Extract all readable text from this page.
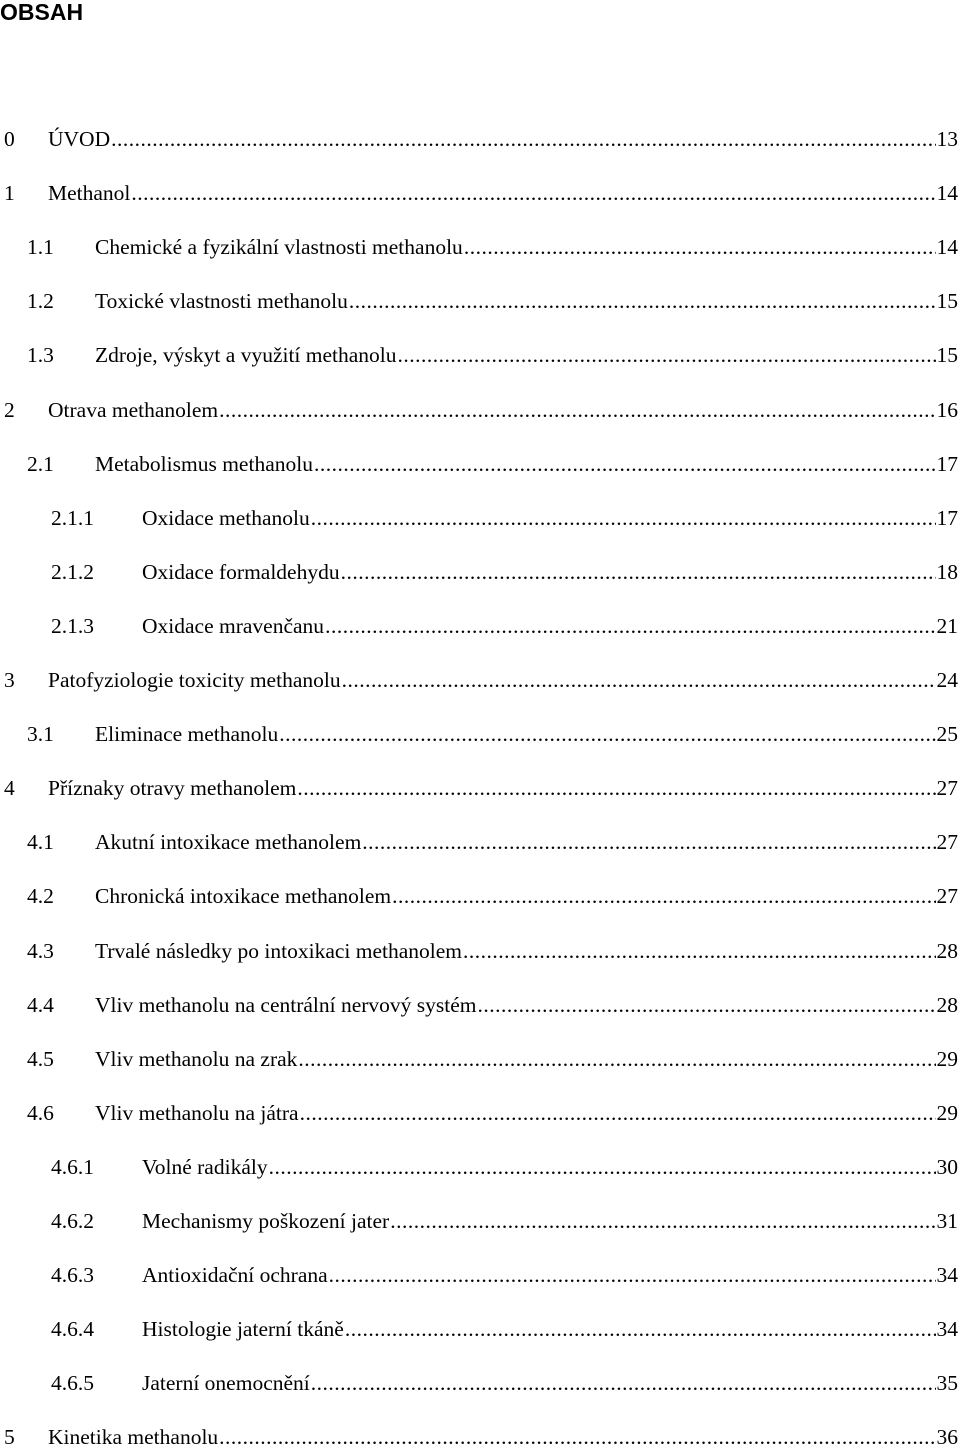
OBSAH
0	ÚVOD .....	13
1	Methanol .....	14
1.1	Chemické a fyzikální vlastnosti methanolu .....	14
1.2	Toxické vlastnosti methanolu .....	15
1.3	Zdroje, výskyt a využití methanolu .....	15
2	Otrava methanolem .....	16
2.1	Metabolismus methanolu .....	17
2.1.1	Oxidace methanolu .....	17
2.1.2	Oxidace formaldehydu .....	18
2.1.3	Oxidace mravenčanu .....	21
3	Patofyziologie toxicity methanolu .....	24
3.1	Eliminace methanolu .....	25
4	Příznaky otravy methanolem .....	27
4.1	Akutní intoxikace methanolem .....	27
4.2	Chronická intoxikace methanolem .....	27
4.3	Trvalé následky po intoxikaci methanolem .....	28
4.4	Vliv methanolu na centrální nervový systém .....	28
4.5	Vliv methanolu na zrak .....	29
4.6	Vliv methanolu na játra .....	29
4.6.1	Volné radikály .....	30
4.6.2	Mechanismy poškození jater .....	31
4.6.3	Antioxidační ochrana .....	34
4.6.4	Histologie jaterní tkáně .....	34
4.6.5	Jaterní onemocnění .....	35
5	Kinetika methanolu .....	36
